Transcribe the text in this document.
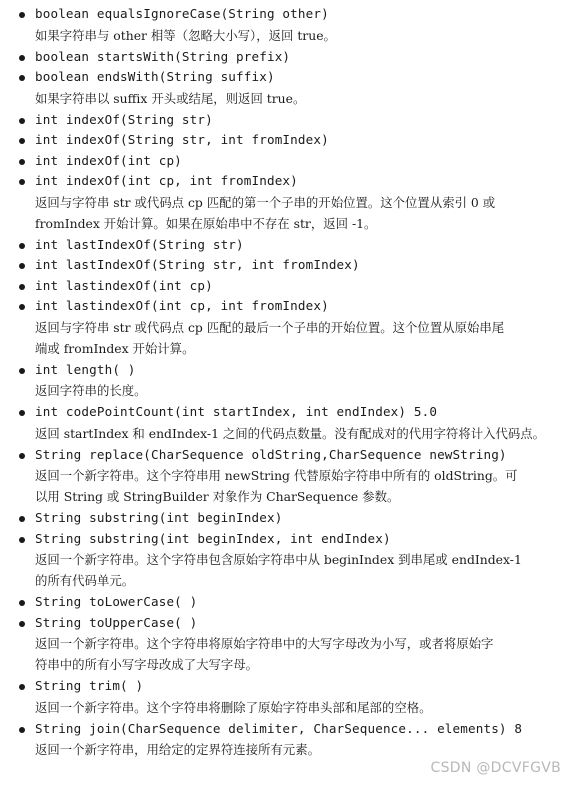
boolean equalsIgnoreCase(String other)
如果字符串与 other 相等（忽略大小写），返回 true。
boolean startsWith(String prefix)
boolean endsWith(String suffix)
如果字符串以 suffix 开头或结尾，则返回 true。
int indexOf(String str)
int indexOf(String str, int fromIndex)
int indexOf(int cp)
int indexOf(int cp, int fromIndex)
返回与字符串 str 或代码点 cp 匹配的第一个子串的开始位置。这个位置从索引 0 或
fromIndex 开始计算。如果在原始串中不存在 str，返回 -1。
int lastIndexOf(String str)
int lastIndexOf(String str, int fromIndex)
int lastindexOf(int cp)
int lastindexOf(int cp, int fromIndex)
返回与字符串 str 或代码点 cp 匹配的最后一个子串的开始位置。这个位置从原始串尾
端或 fromIndex 开始计算。
int length( )
返回字符串的长度。
int codePointCount(int startIndex, int endIndex) 5.0
返回 startIndex 和 endIndex-1 之间的代码点数量。没有配成对的代用字符将计入代码点。
String replace(CharSequence oldString,CharSequence newString)
返回一个新字符串。这个字符串用 newString 代替原始字符串中所有的 oldString。可
以用 String 或 StringBuilder 对象作为 CharSequence 参数。
String substring(int beginIndex)
String substring(int beginIndex, int endIndex)
返回一个新字符串。这个字符串包含原始字符串中从 beginIndex 到串尾或 endIndex-1
的所有代码单元。
String toLowerCase( )
String toUpperCase( )
返回一个新字符串。这个字符串将原始字符串中的大写字母改为小写，或者将原始字
符串中的所有小写字母改成了大写字母。
String trim( )
返回一个新字符串。这个字符串将删除了原始字符串头部和尾部的空格。
String join(CharSequence delimiter, CharSequence... elements) 8
返回一个新字符串，用给定的定界符连接所有元素。
CSDN @DCVFGVB
